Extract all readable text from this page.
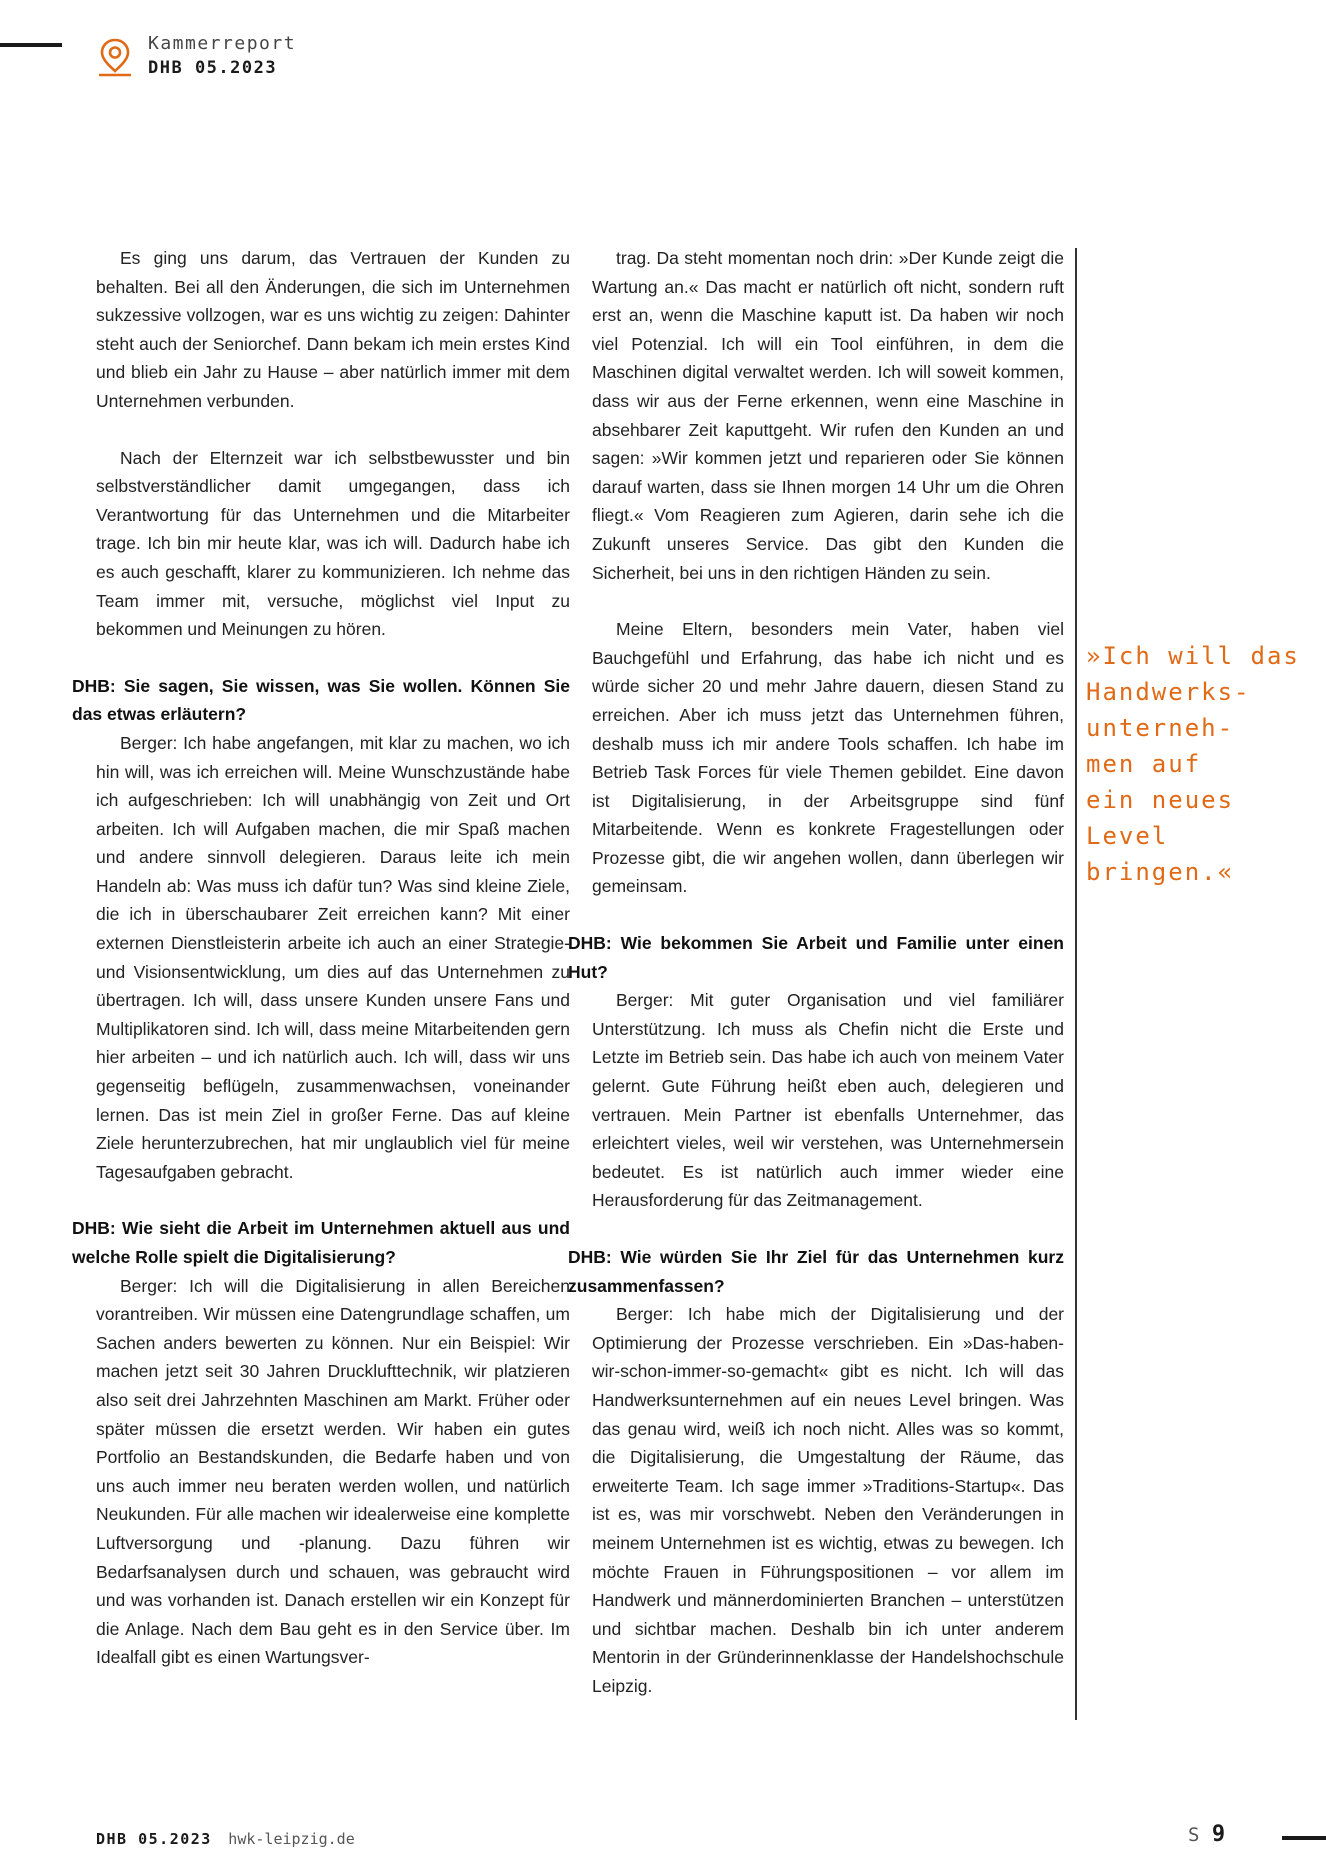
Kammerreport
DHB 05.2023

Es ging uns darum, das Vertrauen der Kunden zu behalten. Bei all den Änderungen, die sich im Unternehmen sukzessive vollzogen, war es uns wichtig zu zeigen: Dahinter steht auch der Seniorchef. Dann bekam ich mein erstes Kind und blieb ein Jahr zu Hause – aber natürlich immer mit dem Unternehmen verbunden.

Nach der Elternzeit war ich selbstbewusster und bin selbstverständlicher damit umgegangen, dass ich Verantwortung für das Unternehmen und die Mitarbeiter trage. Ich bin mir heute klar, was ich will. Dadurch habe ich es auch geschafft, klarer zu kommunizieren. Ich nehme das Team immer mit, versuche, möglichst viel Input zu bekommen und Meinungen zu hören.

DHB: Sie sagen, Sie wissen, was Sie wollen. Können Sie das etwas erläutern?

Berger: Ich habe angefangen, mit klar zu machen, wo ich hin will, was ich erreichen will. Meine Wunschzustände habe ich aufgeschrieben: Ich will unabhängig von Zeit und Ort arbeiten. Ich will Aufgaben machen, die mir Spaß machen und andere sinnvoll delegieren. Daraus leite ich mein Handeln ab: Was muss ich dafür tun? Was sind kleine Ziele, die ich in überschaubarer Zeit erreichen kann? Mit einer externen Dienstleisterin arbeite ich auch an einer Strategie- und Visionsentwicklung, um dies auf das Unternehmen zu übertragen. Ich will, dass unsere Kunden unsere Fans und Multiplikatoren sind. Ich will, dass meine Mitarbeitenden gern hier arbeiten – und ich natürlich auch. Ich will, dass wir uns gegenseitig beflügeln, zusammenwachsen, voneinander lernen. Das ist mein Ziel in großer Ferne. Das auf kleine Ziele herunterzubrechen, hat mir unglaublich viel für meine Tagesaufgaben gebracht.

DHB: Wie sieht die Arbeit im Unternehmen aktuell aus und welche Rolle spielt die Digitalisierung?

Berger: Ich will die Digitalisierung in allen Bereichen vorantreiben. Wir müssen eine Datengrundlage schaffen, um Sachen anders bewerten zu können. Nur ein Beispiel: Wir machen jetzt seit 30 Jahren Drucklufttechnik, wir platzieren also seit drei Jahrzehnten Maschinen am Markt. Früher oder später müssen die ersetzt werden. Wir haben ein gutes Portfolio an Bestandskunden, die Bedarfe haben und von uns auch immer neu beraten werden wollen, und natürlich Neukunden. Für alle machen wir idealerweise eine komplette Luftversorgung und -planung. Dazu führen wir Bedarfsanalysen durch und schauen, was gebraucht wird und was vorhanden ist. Danach erstellen wir ein Konzept für die Anlage. Nach dem Bau geht es in den Service über. Im Idealfall gibt es einen Wartungsver-

trag. Da steht momentan noch drin: »Der Kunde zeigt die Wartung an.« Das macht er natürlich oft nicht, sondern ruft erst an, wenn die Maschine kaputt ist. Da haben wir noch viel Potenzial. Ich will ein Tool einführen, in dem die Maschinen digital verwaltet werden. Ich will soweit kommen, dass wir aus der Ferne erkennen, wenn eine Maschine in absehbarer Zeit kaputtgeht. Wir rufen den Kunden an und sagen: »Wir kommen jetzt und reparieren oder Sie können darauf warten, dass sie Ihnen morgen 14 Uhr um die Ohren fliegt.« Vom Reagieren zum Agieren, darin sehe ich die Zukunft unseres Service. Das gibt den Kunden die Sicherheit, bei uns in den richtigen Händen zu sein.

Meine Eltern, besonders mein Vater, haben viel Bauchgefühl und Erfahrung, das habe ich nicht und es würde sicher 20 und mehr Jahre dauern, diesen Stand zu erreichen. Aber ich muss jetzt das Unternehmen führen, deshalb muss ich mir andere Tools schaffen. Ich habe im Betrieb Task Forces für viele Themen gebildet. Eine davon ist Digitalisierung, in der Arbeitsgruppe sind fünf Mitarbeitende. Wenn es konkrete Fragestellungen oder Prozesse gibt, die wir angehen wollen, dann überlegen wir gemeinsam.

DHB: Wie bekommen Sie Arbeit und Familie unter einen Hut?

Berger: Mit guter Organisation und viel familiärer Unterstützung. Ich muss als Chefin nicht die Erste und Letzte im Betrieb sein. Das habe ich auch von meinem Vater gelernt. Gute Führung heißt eben auch, delegieren und vertrauen. Mein Partner ist ebenfalls Unternehmer, das erleichtert vieles, weil wir verstehen, was Unternehmersein bedeutet. Es ist natürlich auch immer wieder eine Herausforderung für das Zeitmanagement.

DHB: Wie würden Sie Ihr Ziel für das Unternehmen kurz zusammenfassen?

Berger: Ich habe mich der Digitalisierung und der Optimierung der Prozesse verschrieben. Ein »Das-haben-wir-schon-immer-so-gemacht« gibt es nicht. Ich will das Handwerksunternehmen auf ein neues Level bringen. Was das genau wird, weiß ich noch nicht. Alles was so kommt, die Digitalisierung, die Umgestaltung der Räume, das erweiterte Team. Ich sage immer »Traditions-Startup«. Das ist es, was mir vorschwebt. Neben den Veränderungen in meinem Unternehmen ist es wichtig, etwas zu bewegen. Ich möchte Frauen in Führungspositionen – vor allem im Handwerk und männerdominierten Branchen – unterstützen und sichtbar machen. Deshalb bin ich unter anderem Mentorin in der Gründerinnenklasse der Handelshochschule Leipzig.

»Ich will das
Handwerks-
unterneh-
men auf
ein neues
Level
bringen.«
DHB 05.2023 hwk-leipzig.de	S 9
